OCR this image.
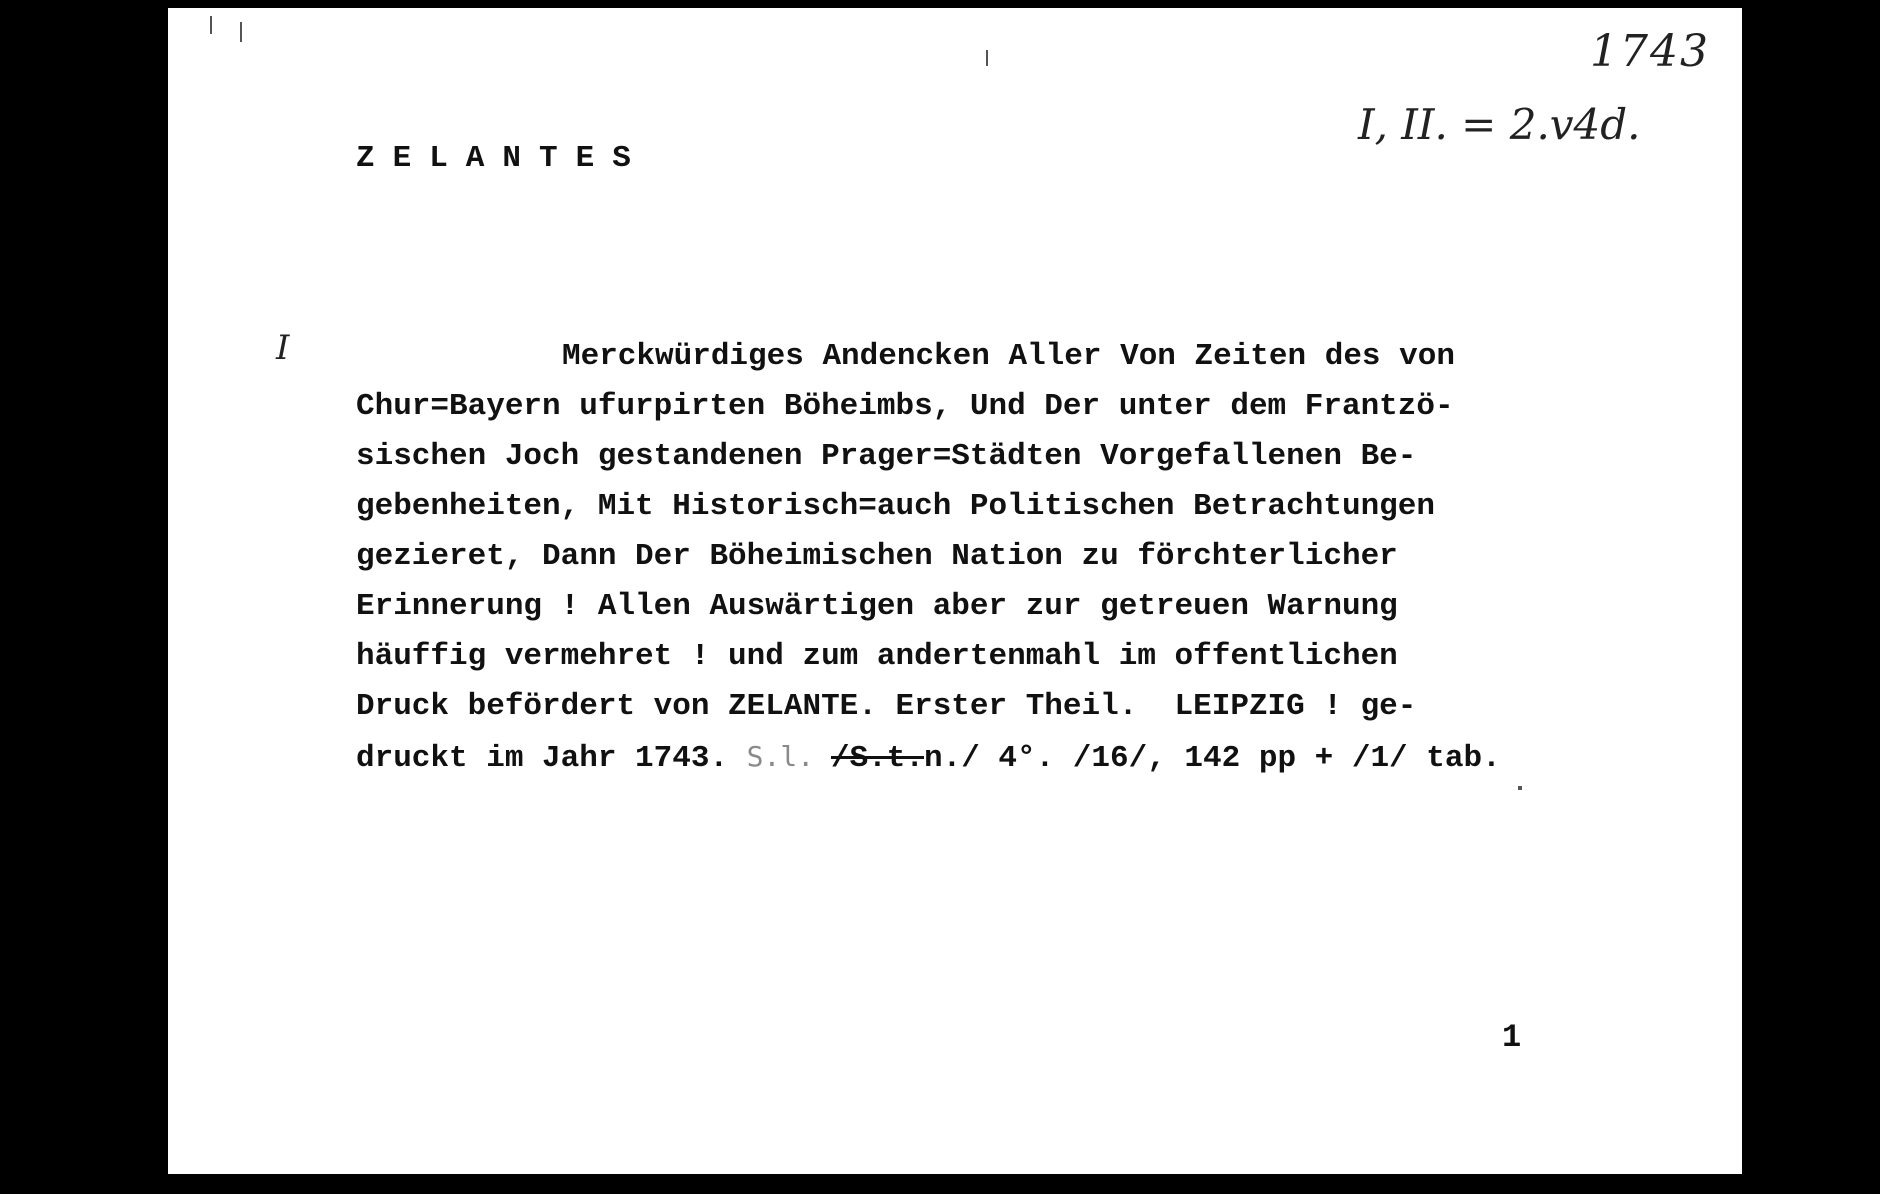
ZELANTES
1743
I, II. = 2.v4d.
I	Merckwürdiges Andencken Aller Von Zeiten des von
Chur=Bayern ufurpirten Böheimbs, Und Der unter dem Frantzö-
sischen Joch gestandenen Prager=Städten Vorgefallenen Be-
gebenheiten, Mit Historisch=auch Politischen Betrachtungen
gezieret, Dann Der Böheimischen Nation zu förchterlicher
Erinnerung ! Allen Auswärtigen aber zur getreuen Warnung
häuffig vermehret ! und zum andertenmahl im offentlichen
Druck befördert von ZELANTE. Erster Theil.  LEIPZIG ! ge-
druckt im Jahr 1743. S.l. /S.t.n./ 4°. /16/, 142 pp + /1/ tab.
1
